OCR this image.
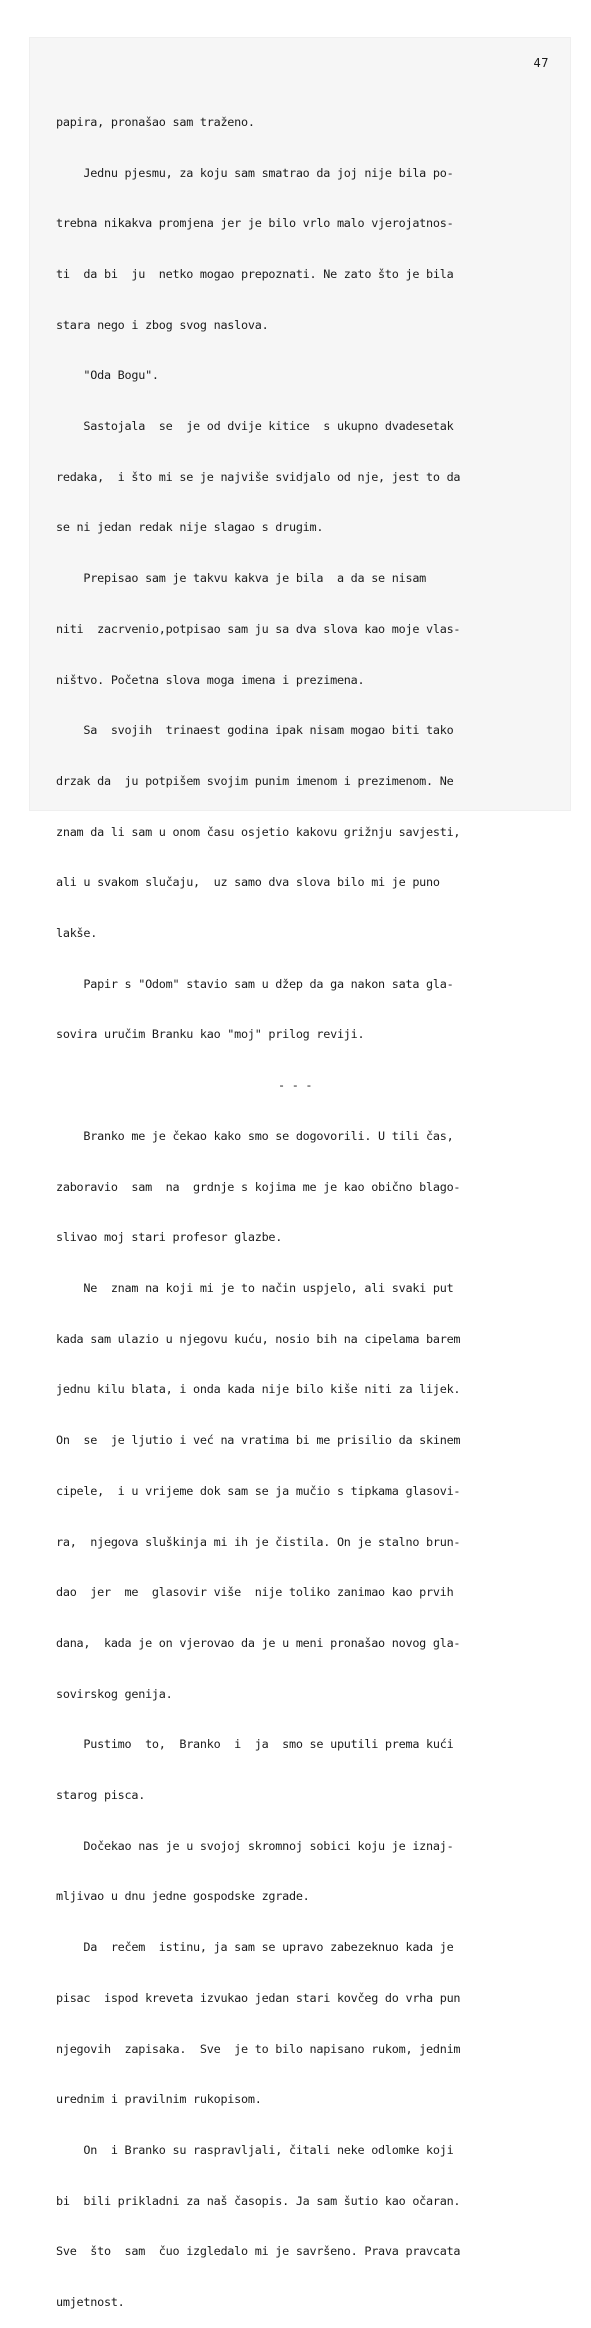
47

papira, pronašao sam traženo.

Jednu pjesmu, za koju sam smatrao da joj nije bila po-

trebna nikakva promjena jer je bilo vrlo malo vjerojatnos-

ti  da bi  ju  netko mogao prepoznati. Ne zato što je bila

stara nego i zbog svog naslova.

"Oda Bogu".

Sastojala  se  je od dvije kitice  s ukupno dvadesetak

redaka,  i što mi se je najviše svidjalo od nje, jest to da

se ni jedan redak nije slagao s drugim.

Prepisao sam je takvu kakva je bila  a da se nisam

niti  zacrvenio,potpisao sam ju sa dva slova kao moje vlas-

ništvo. Početna slova moga imena i prezimena.

Sa  svojih  trinaest godina ipak nisam mogao biti tako

drzak da  ju potpišem svojim punim imenom i prezimenom. Ne

znam da li sam u onom času osjetio kakovu grižnju savjesti,

ali u svakom slučaju,  uz samo dva slova bilo mi je puno

lakše.

Papir s "Odom" stavio sam u džep da ga nakon sata gla-

sovira uručim Branku kao "moj" prilog reviji.

- - -

Branko me je čekao kako smo se dogovorili. U tili čas,

zaboravio  sam  na  grdnje s kojima me je kao obično blago-

slivao moj stari profesor glazbe.

Ne  znam na koji mi je to način uspjelo, ali svaki put

kada sam ulazio u njegovu kuću, nosio bih na cipelama barem

jednu kilu blata, i onda kada nije bilo kiše niti za lijek.

On  se  je ljutio i već na vratima bi me prisilio da skinem

cipele,  i u vrijeme dok sam se ja mučio s tipkama glasovi-

ra,  njegova sluškinja mi ih je čistila. On je stalno brun-

dao  jer  me  glasovir više  nije toliko zanimao kao prvih

dana,  kada je on vjerovao da je u meni pronašao novog gla-

sovirskog genija.

Pustimo  to,  Branko  i  ja  smo se uputili prema kući

starog pisca.

Dočekao nas je u svojoj skromnoj sobici koju je iznaj-

mljivao u dnu jedne gospodske zgrade.

Da  rečem  istinu, ja sam se upravo zabezeknuo kada je

pisac  ispod kreveta izvukao jedan stari kovčeg do vrha pun

njegovih  zapisaka.  Sve  je to bilo napisano rukom, jednim

urednim i pravilnim rukopisom.

On  i Branko su raspravljali, čitali neke odlomke koji

bi  bili prikladni za naš časopis. Ja sam šutio kao očaran.

Sve  što  sam  čuo izgledalo mi je savršeno. Prava pravcata

umjetnost.
